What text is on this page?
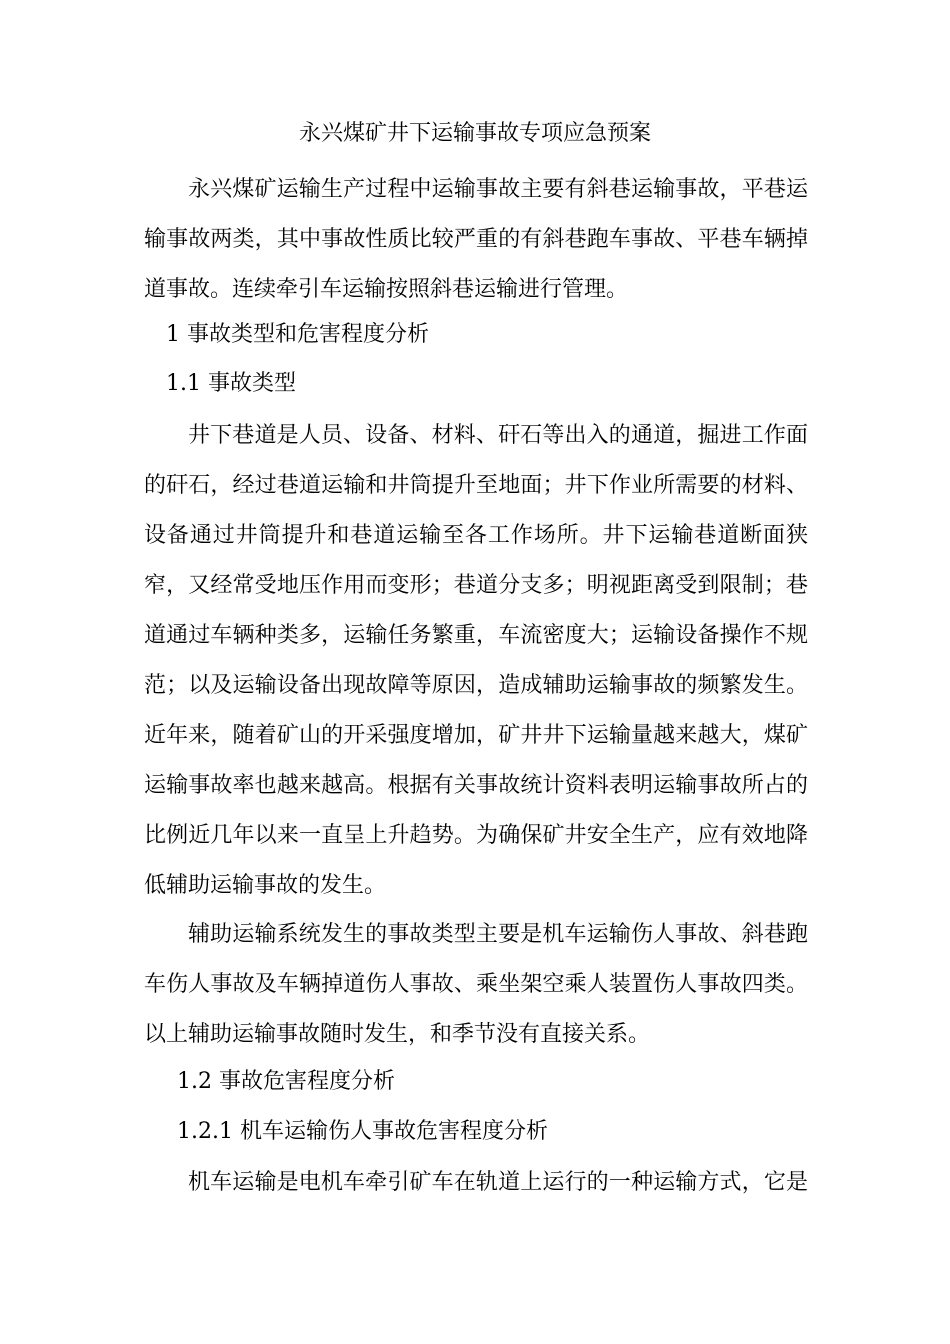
永兴煤矿井下运输事故专项应急预案
永兴煤矿运输生产过程中运输事故主要有斜巷运输事故，平巷运
输事故两类，其中事故性质比较严重的有斜巷跑车事故、平巷车辆掉
道事故。连续牵引车运输按照斜巷运输进行管理。
1 事故类型和危害程度分析
1.1 事故类型
井下巷道是人员、设备、材料、矸石等出入的通道，掘进工作面
的矸石，经过巷道运输和井筒提升至地面；井下作业所需要的材料、
设备通过井筒提升和巷道运输至各工作场所。井下运输巷道断面狭
窄，又经常受地压作用而变形；巷道分支多；明视距离受到限制；巷
道通过车辆种类多，运输任务繁重，车流密度大；运输设备操作不规
范；以及运输设备出现故障等原因，造成辅助运输事故的频繁发生。
近年来，随着矿山的开采强度增加，矿井井下运输量越来越大，煤矿
运输事故率也越来越高。根据有关事故统计资料表明运输事故所占的
比例近几年以来一直呈上升趋势。为确保矿井安全生产，应有效地降
低辅助运输事故的发生。
辅助运输系统发生的事故类型主要是机车运输伤人事故、斜巷跑
车伤人事故及车辆掉道伤人事故、乘坐架空乘人装置伤人事故四类。
以上辅助运输事故随时发生，和季节没有直接关系。
1.2 事故危害程度分析
1.2.1 机车运输伤人事故危害程度分析
机车运输是电机车牵引矿车在轨道上运行的一种运输方式，它是
